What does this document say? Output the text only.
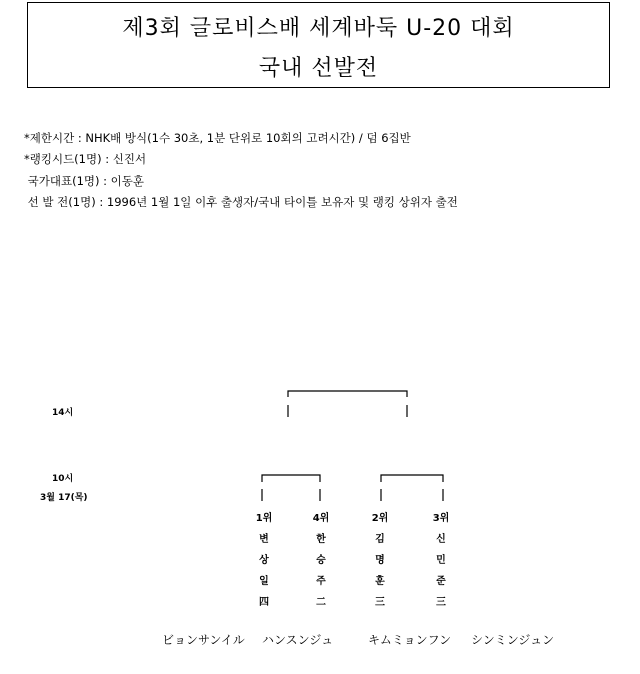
제3회 글로비스배 세계바둑 U-20 대회
국내 선발전
*제한시간 : NHK배 방식(1수 30초, 1분 단위로 10회의 고려시간) / 덤 6집반
*랭킹시드(1명) : 신진서
국가대표(1명) : 이동훈
선 발 전(1명) : 1996년 1월 1일 이후 출생자/국내 타이틀 보유자 및 랭킹 상위자 출전
14시
10시
3월 17(목)
1위
변
상
일
四
4위
한
승
주
二
2위
김
명
훈
三
3위
신
민
준
三
ビョンサンイル ハンスンジュ	キムミョンフン シンミンジュン
